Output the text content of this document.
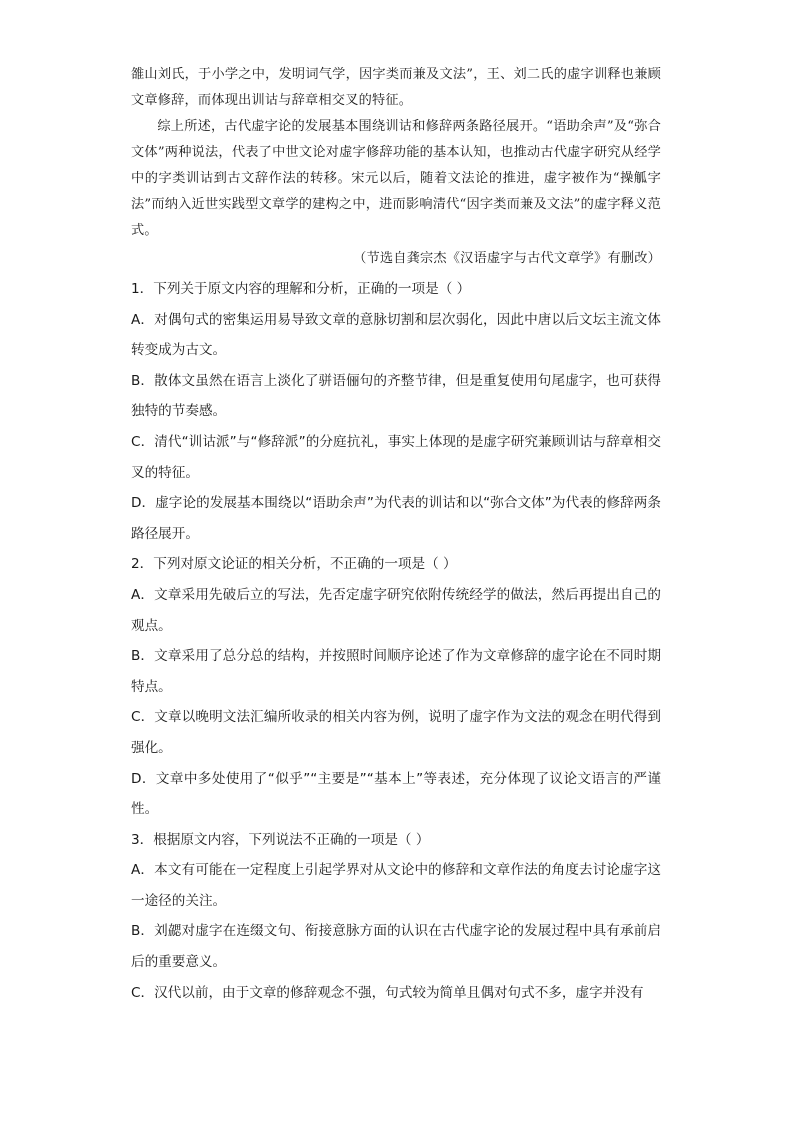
雒山刘氏，于小学之中，发明词气学，因字类而兼及文法”，王、刘二氏的虚字训释也兼顾文章修辞，而体现出训诂与辞章相交叉的特征。

综上所述，古代虚字论的发展基本围绕训诂和修辞两条路径展开。“语助余声”及“弥合文体”两种说法，代表了中世文论对虚字修辞功能的基本认知，也推动古代虚字研究从经学中的字类训诂到古文辞作法的转移。宋元以后，随着文法论的推进，虚字被作为“操觚字法”而纳入近世实践型文章学的建构之中，进而影响清代“因字类而兼及文法”的虚字释义范式。

（节选自龚宗杰《汉语虚字与古代文章学》有删改）

1．下列关于原文内容的理解和分析，正确的一项是（ ）

A．对偶句式的密集运用易导致文章的意脉切割和层次弱化，因此中唐以后文坛主流文体转变成为古文。

B．散体文虽然在语言上淡化了骈语俪句的齐整节律，但是重复使用句尾虚字，也可获得独特的节奏感。

C．清代“训诂派”与“修辞派”的分庭抗礼，事实上体现的是虚字研究兼顾训诂与辞章相交叉的特征。

D．虚字论的发展基本围绕以“语助余声”为代表的训诂和以“弥合文体”为代表的修辞两条路径展开。

2．下列对原文论证的相关分析，不正确的一项是（ ）

A．文章采用先破后立的写法，先否定虚字研究依附传统经学的做法，然后再提出自己的观点。

B．文章采用了总分总的结构，并按照时间顺序论述了作为文章修辞的虚字论在不同时期特点。

C．文章以晚明文法汇编所收录的相关内容为例，说明了虚字作为文法的观念在明代得到强化。

D．文章中多处使用了“似乎”“主要是”“基本上”等表述，充分体现了议论文语言的严谨性。

3．根据原文内容，下列说法不正确的一项是（ ）

A．本文有可能在一定程度上引起学界对从文论中的修辞和文章作法的角度去讨论虚字这一途径的关注。

B．刘勰对虚字在连缀文句、衔接意脉方面的认识在古代虚字论的发展过程中具有承前启后的重要意义。

C．汉代以前，由于文章的修辞观念不强，句式较为简单且偶对句式不多，虚字并没有
